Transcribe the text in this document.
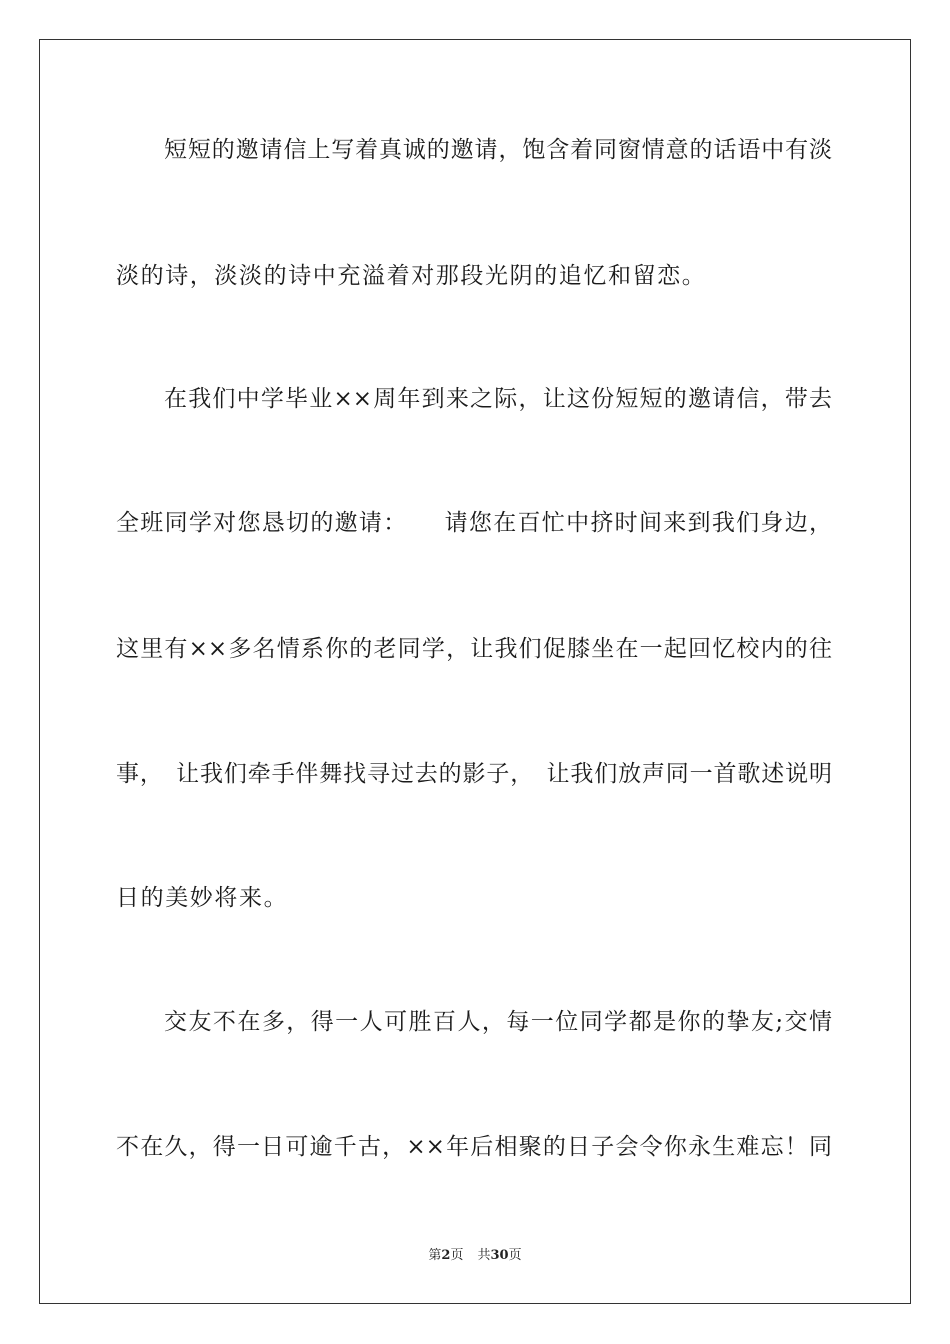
短短的邀请信上写着真诚的邀请，饱含着同窗情意的话语中有淡
淡的诗，淡淡的诗中充溢着对那段光阴的追忆和留恋。
在我们中学毕业××周年到来之际，让这份短短的邀请信，带去
全班同学对您恳切的邀请：　　请您在百忙中挤时间来到我们身边，
这里有××多名情系你的老同学，让我们促膝坐在一起回忆校内的往
事，　让我们牵手伴舞找寻过去的影子，　让我们放声同一首歌述说明
日的美妙将来。
交友不在多，得一人可胜百人，每一位同学都是你的挚友;交情
不在久，得一日可逾千古，××年后相聚的日子会令你永生难忘！同
第2页 共30页
